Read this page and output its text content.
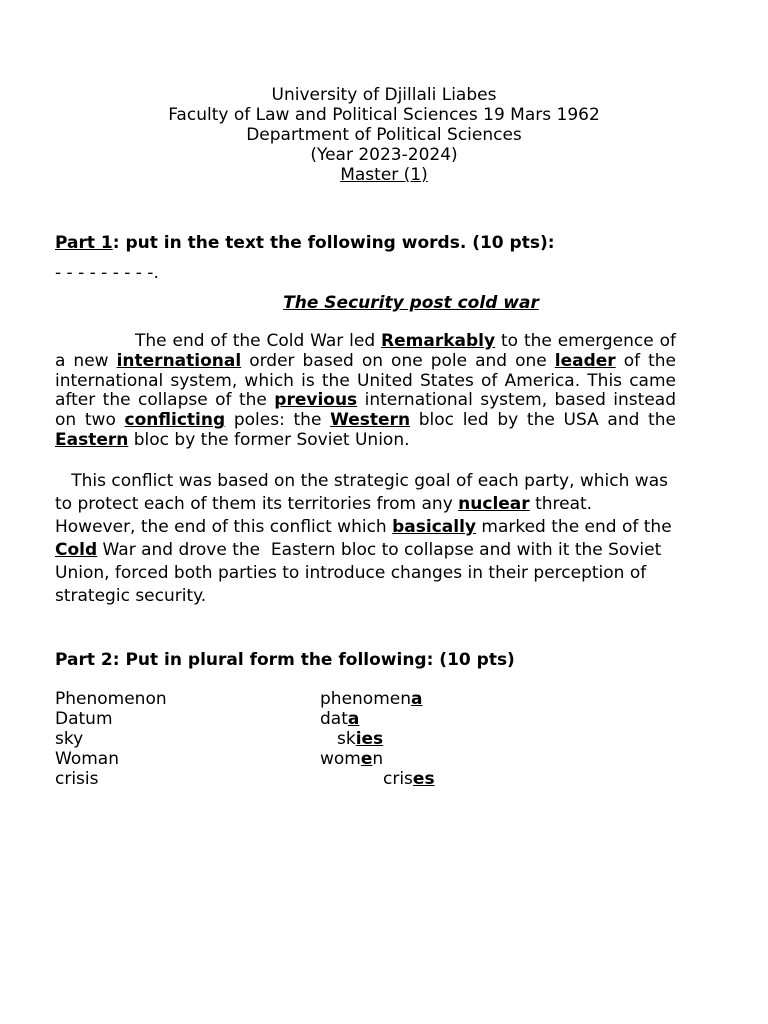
University of Djillali Liabes
Faculty of Law and Political Sciences 19 Mars 1962
Department of Political Sciences
(Year 2023-2024)
Master (1)
Part 1: put in the text the following words. (10 pts):
- - - - - - - - -.
The Security post cold war
The end of the Cold War led Remarkably to the emergence of a new international order based on one pole and one leader of the international system, which is the United States of America. This came after the collapse of the previous international system, based instead on two conflicting poles: the Western bloc led by the USA and the Eastern bloc by the former Soviet Union.
This conflict was based on the strategic goal of each party, which was to protect each of them its territories from any nuclear threat. However, the end of this conflict which basically marked the end of the Cold War and drove the  Eastern bloc to collapse and with it the Soviet Union, forced both parties to introduce changes in their perception of strategic security.
Part 2: Put in plural form the following: (10 pts)
Phenomenon	phenomena
Datum	data
sky	skies
Woman	women
crisis	crises
